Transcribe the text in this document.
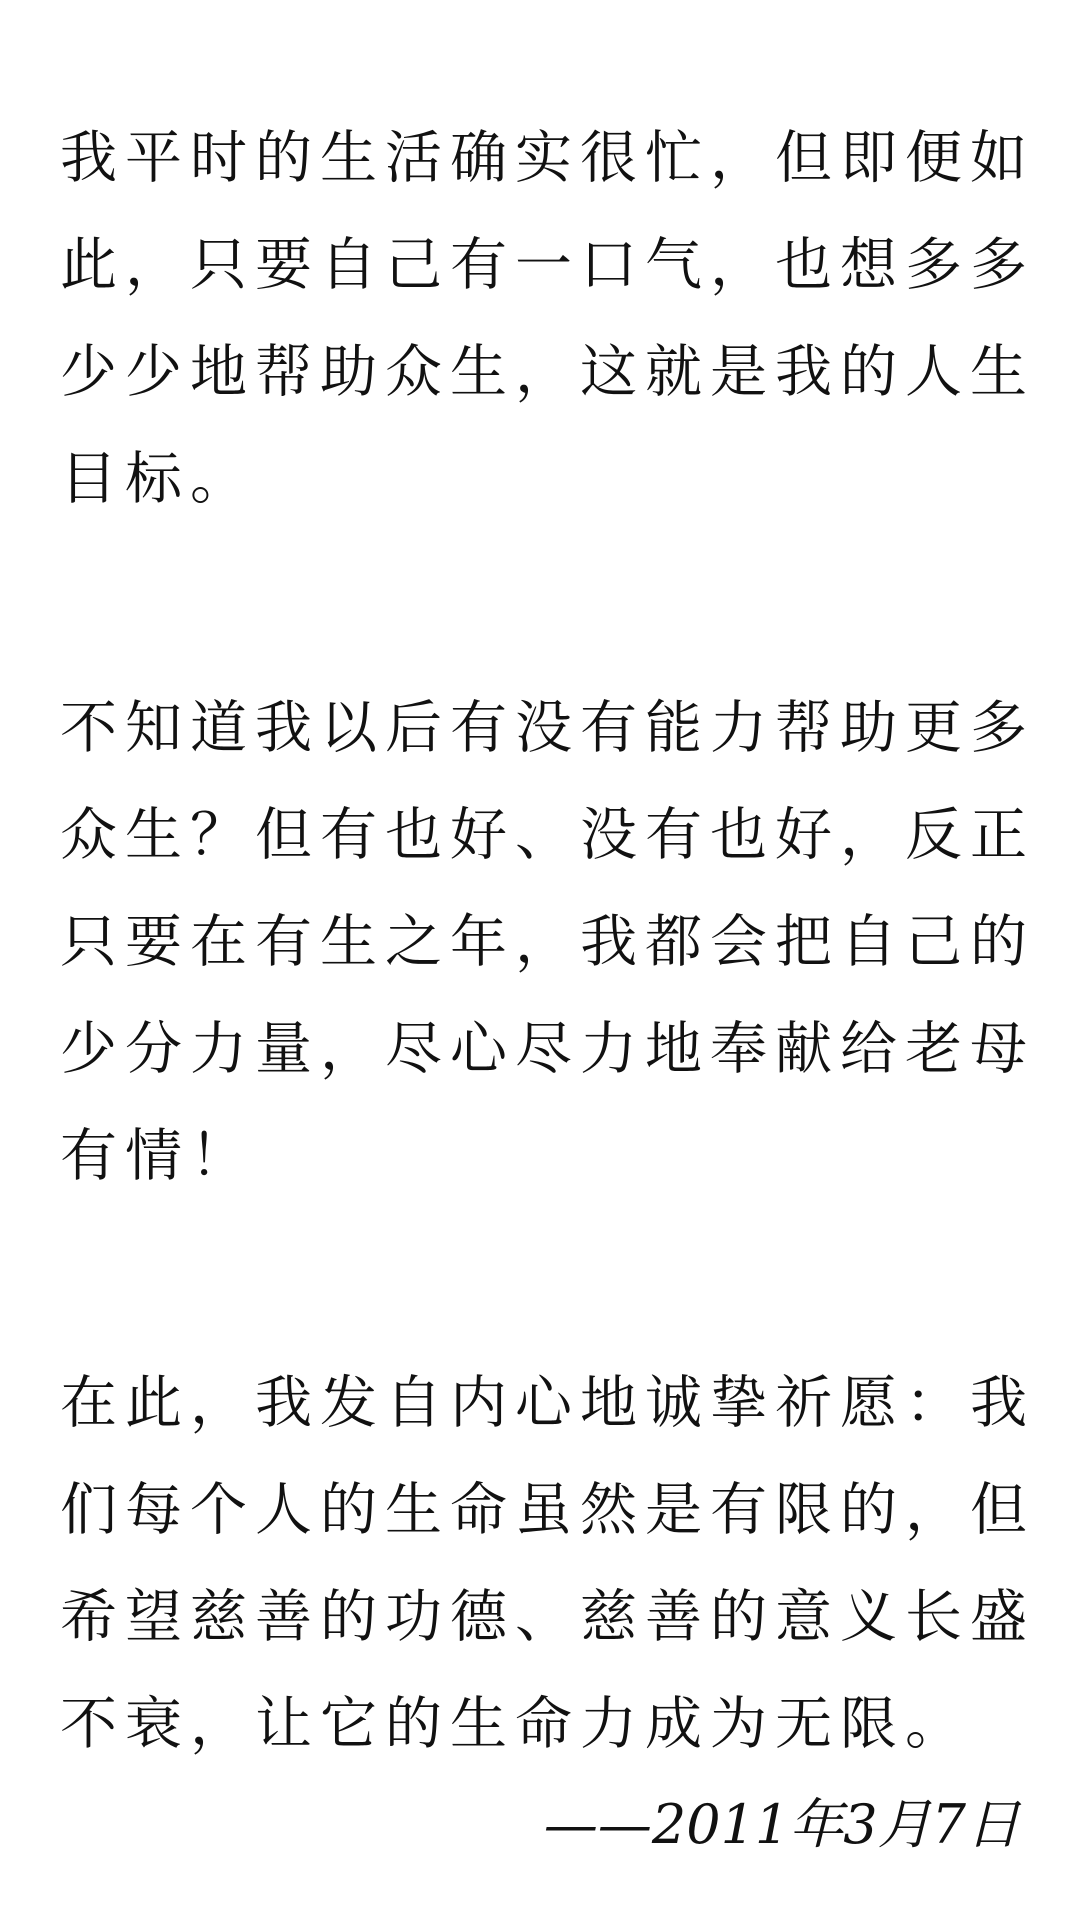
我平时的生活确实很忙，但即便如
此，只要自己有一口气，也想多多
少少地帮助众生，这就是我的人生
目标。
不知道我以后有没有能力帮助更多
众生？但有也好、没有也好，反正
只要在有生之年，我都会把自己的
少分力量，尽心尽力地奉献给老母
有情！
在此，我发自内心地诚挚祈愿：我
们每个人的生命虽然是有限的，但
希望慈善的功德、慈善的意义长盛
不衰，让它的生命力成为无限。
——2011年3月7日
